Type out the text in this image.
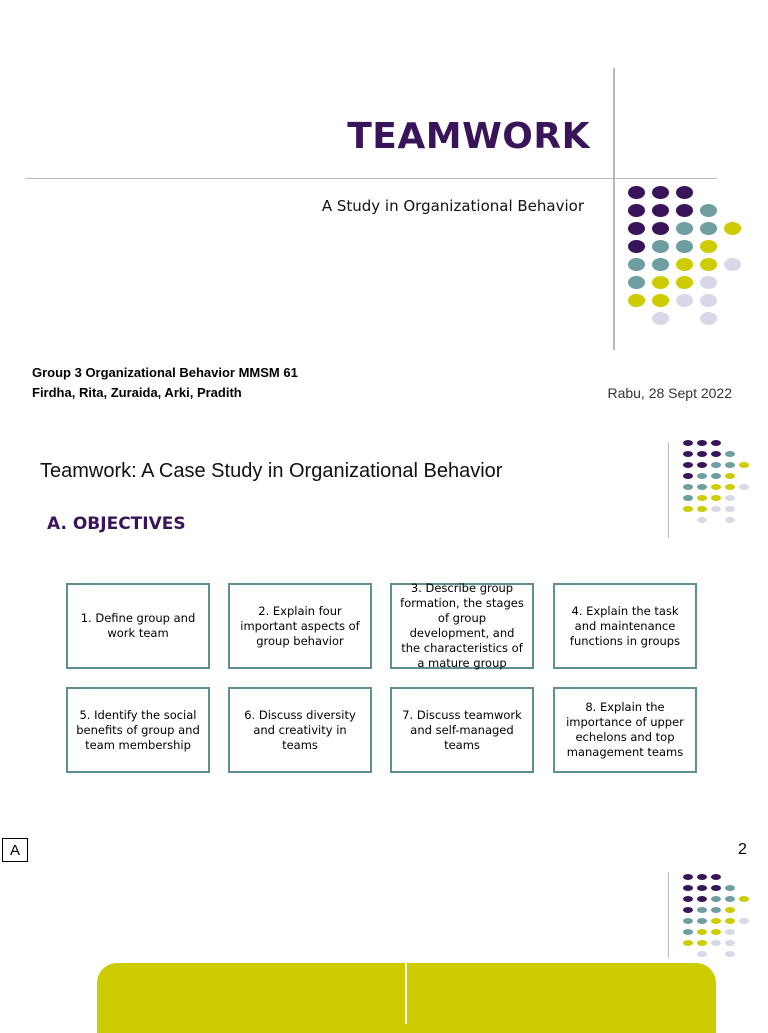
TEAMWORK
A Study in Organizational Behavior
Group 3 Organizational Behavior MMSM 61
Firdha, Rita, Zuraida, Arki, Pradith	Rabu, 28 Sept 2022
Teamwork: A Case Study in Organizational Behavior
A. OBJECTIVES
1. Define group and work team
2. Explain four important aspects of group behavior
3. Describe group formation, the stages of group development, and the characteristics of a mature group
4. Explain the task and maintenance functions in groups
5. Identify the social benefits of group and team membership
6. Discuss diversity and creativity in teams
7. Discuss teamwork and self-managed teams
8. Explain the importance of upper echelons and top management teams
A	2
